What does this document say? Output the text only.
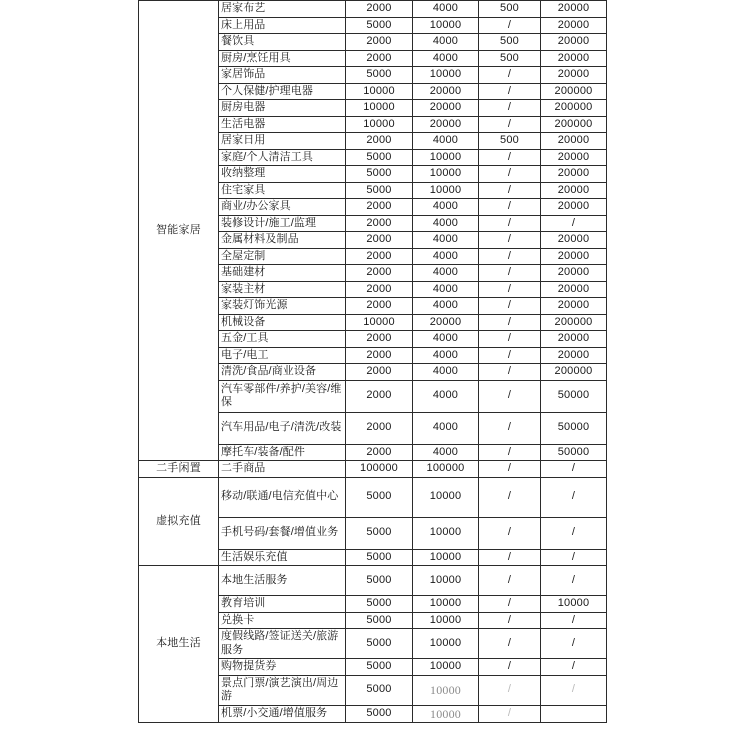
智能家居	居家布艺	2000	4000	500	20000
	床上用品	5000	10000	/	20000
	餐饮具	2000	4000	500	20000
	厨房/烹饪用具	2000	4000	500	20000
	家居饰品	5000	10000	/	20000
	个人保健/护理电器	10000	20000	/	200000
	厨房电器	10000	20000	/	200000
	生活电器	10000	20000	/	200000
	居家日用	2000	4000	500	20000
	家庭/个人清洁工具	5000	10000	/	20000
	收纳整理	5000	10000	/	20000
	住宅家具	5000	10000	/	20000
	商业/办公家具	2000	4000	/	20000
	装修设计/施工/监理	2000	4000	/	/
	金属材料及制品	2000	4000	/	20000
	全屋定制	2000	4000	/	20000
	基础建材	2000	4000	/	20000
	家装主材	2000	4000	/	20000
	家装灯饰光源	2000	4000	/	20000
	机械设备	10000	20000	/	200000
	五金/工具	2000	4000	/	20000
	电子/电工	2000	4000	/	20000
	清洗/食品/商业设备	2000	4000	/	200000
	汽车零部件/养护/美容/维保	2000	4000	/	50000
	汽车用品/电子/清洗/改装	2000	4000	/	50000
	摩托车/装备/配件	2000	4000	/	50000
二手闲置	二手商品	100000	100000	/	/
虚拟充值	移动/联通/电信充值中心	5000	10000	/	/
	手机号码/套餐/增值业务	5000	10000	/	/
	生活娱乐充值	5000	10000	/	/
本地生活	本地生活服务	5000	10000	/	/
	教育培训	5000	10000	/	10000
	兑换卡	5000	10000	/	/
	度假线路/签证送关/旅游服务	5000	10000	/	/
	购物提货券	5000	10000	/	/
	景点门票/演艺演出/周边游	5000	10000	/	/
	机票/小交通/增值服务	5000	10000	/	
